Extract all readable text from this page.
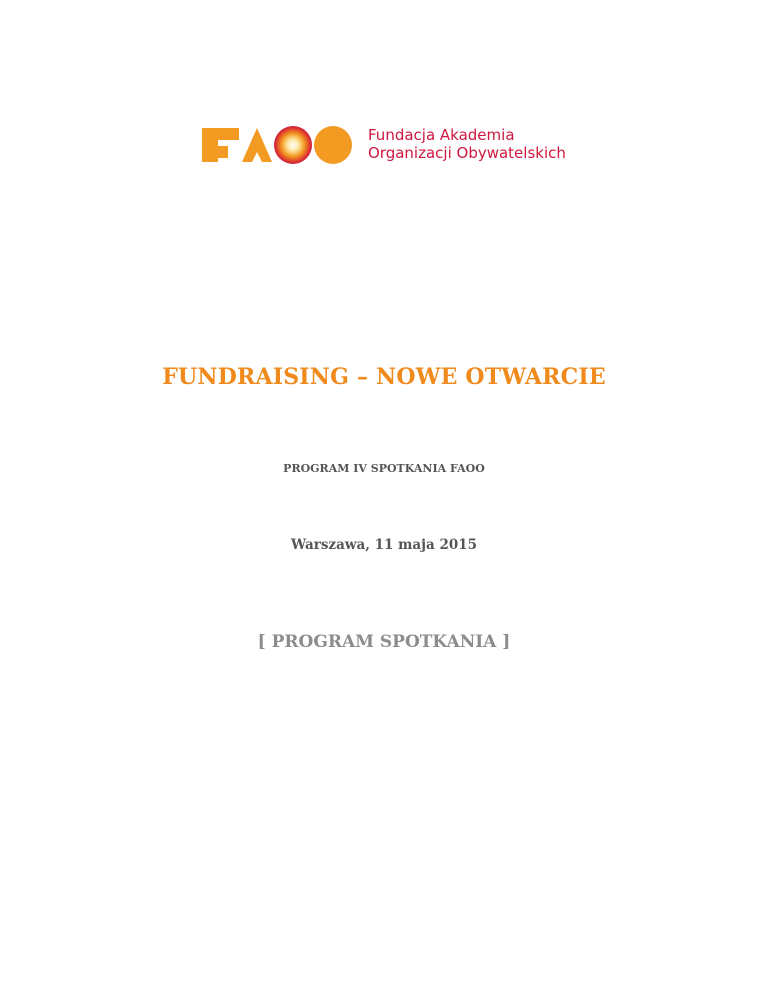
Fundacja Akademia
Organizacji Obywatelskich
FUNDRAISING – NOWE OTWARCIE
PROGRAM IV SPOTKANIA FAOO
Warszawa, 11 maja 2015
[ PROGRAM SPOTKANIA ]
